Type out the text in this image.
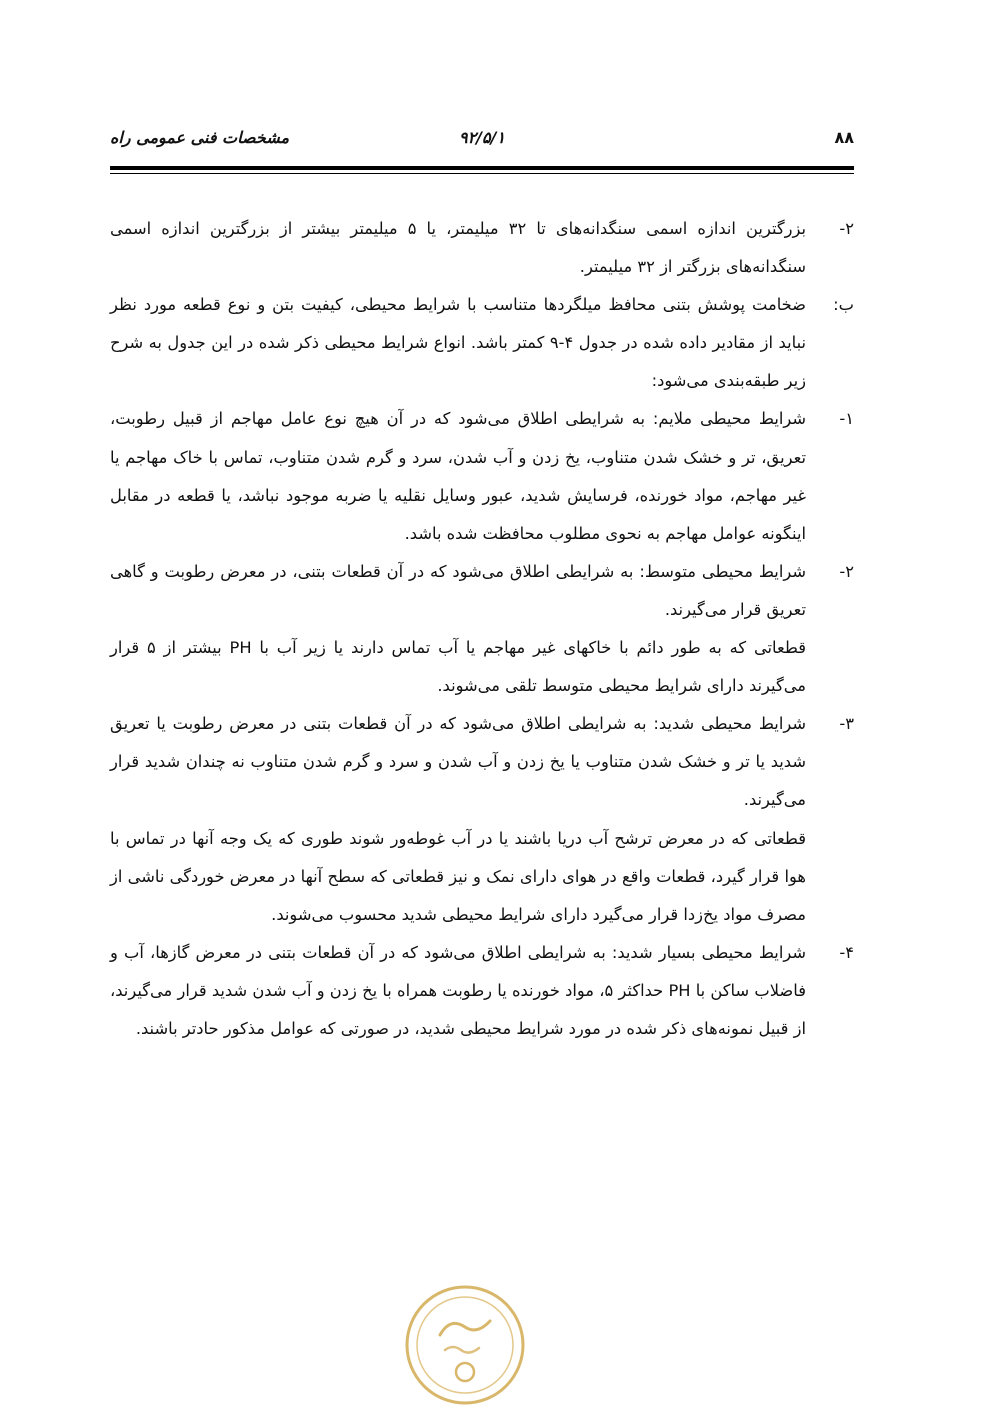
۸۸
۹۲/۵/۱
مشخصات فنی عمومی راه
۲-
بزرگترین اندازه اسمی سنگدانه‌های تا ۳۲ میلیمتر، یا ۵ میلیمتر بیشتر از بزرگترین اندازه اسمی سنگدانه‌های بزرگتر از ۳۲ میلیمتر.
ب:
ضخامت پوشش بتنی محافظ میلگردها متناسب با شرایط محیطی، کیفیت بتن و نوع قطعه مورد نظر نباید از مقادیر داده شده در جدول ۴-۹ کمتر باشد. انواع شرایط محیطی ذکر شده در این جدول به شرح زیر طبقه‌بندی می‌شود:
۱-
شرایط محیطی ملایم: به شرایطی اطلاق می‌شود که در آن هیچ نوع عامل مهاجم از قبیل رطوبت، تعریق، تر و خشک شدن متناوب، یخ زدن و آب شدن، سرد و گرم شدن متناوب، تماس با خاک مهاجم یا غیر مهاجم، مواد خورنده، فرسایش شدید، عبور وسایل نقلیه یا ضربه موجود نباشد، یا قطعه در مقابل اینگونه عوامل مهاجم به نحوی مطلوب محافظت شده باشد.
۲-
شرایط محیطی متوسط: به شرایطی اطلاق می‌شود که در آن قطعات بتنی، در معرض رطوبت و گاهی تعریق قرار می‌گیرند.
قطعاتی که به طور دائم با خاکهای غیر مهاجم یا آب تماس دارند یا زیر آب با PH بیشتر از ۵ قرار می‌گیرند دارای شرایط محیطی متوسط تلقی می‌شوند.
۳-
شرایط محیطی شدید: به شرایطی اطلاق می‌شود که در آن قطعات بتنی در معرض رطوبت یا تعریق شدید یا تر و خشک شدن متناوب یا یخ زدن و آب شدن و سرد و گرم شدن متناوب نه چندان شدید قرار می‌گیرند.
قطعاتی که در معرض ترشح آب دریا باشند یا در آب غوطه‌ور شوند طوری که یک وجه آنها در تماس با هوا قرار گیرد، قطعات واقع در هوای دارای نمک و نیز قطعاتی که سطح آنها در معرض خوردگی ناشی از مصرف مواد یخ‌زدا قرار می‌گیرد دارای شرایط محیطی شدید محسوب می‌شوند.
۴-
شرایط محیطی بسیار شدید: به شرایطی اطلاق می‌شود که در آن قطعات بتنی در معرض گازها، آب و فاضلاب ساکن با PH حداکثر ۵، مواد خورنده یا رطوبت همراه با یخ زدن و آب شدن شدید قرار می‌گیرند، از قبیل نمونه‌های ذکر شده در مورد شرایط محیطی شدید، در صورتی که عوامل مذکور حادتر باشند.
